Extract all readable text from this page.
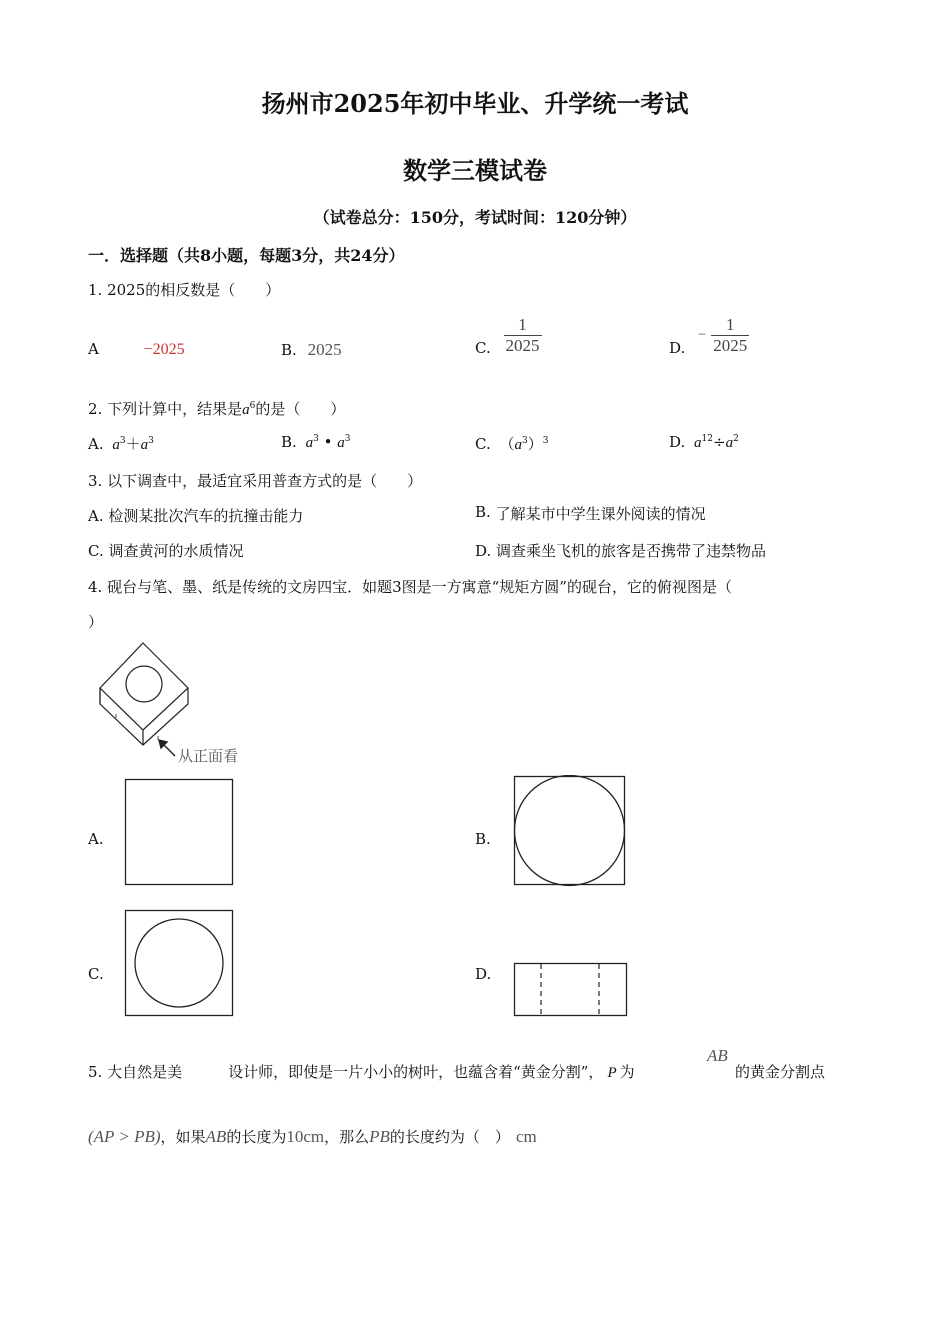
扬州市2025年初中毕业、升学统一考试
数学三模试卷
（试卷总分：150分，考试时间：120分钟）
一．选择题（共8小题，每题3分，共24分）
1. 2025的相反数是（　　）
A	−2025	B. 2025	C. $\frac{1}{2025}$	D. − $\frac{1}{2025}$
2. 下列计算中，结果是$a^6$的是（　　）
A. $a^3+a^3$	B. $a^3$ • $a^3$	C. $(a^3)^3$	D. $a^{12}\div a^2$
3. 以下调查中，最适宜采用普查方式的是（　　）
A. 检测某批次汽车的抗撞击能力	B. 了解某市中学生课外阅读的情况
C. 调查黄河的水质情况	D. 调查乘坐飞机的旅客是否携带了违禁物品
4. 砚台与笔、墨、纸是传统的文房四宝．如题3图是一方寓意“规矩方圆”的砚台，它的俯视图是（
）
从正面看
A.	B.
C.	D.
5. 大自然是美	设计师，即使是一片小小的树叶，也蕴含着“黄金分割”， P 为
AB
的黄金分割点
(AP > PB)，如果AB的长度为10cm，那么PB的长度约为（　） cm
